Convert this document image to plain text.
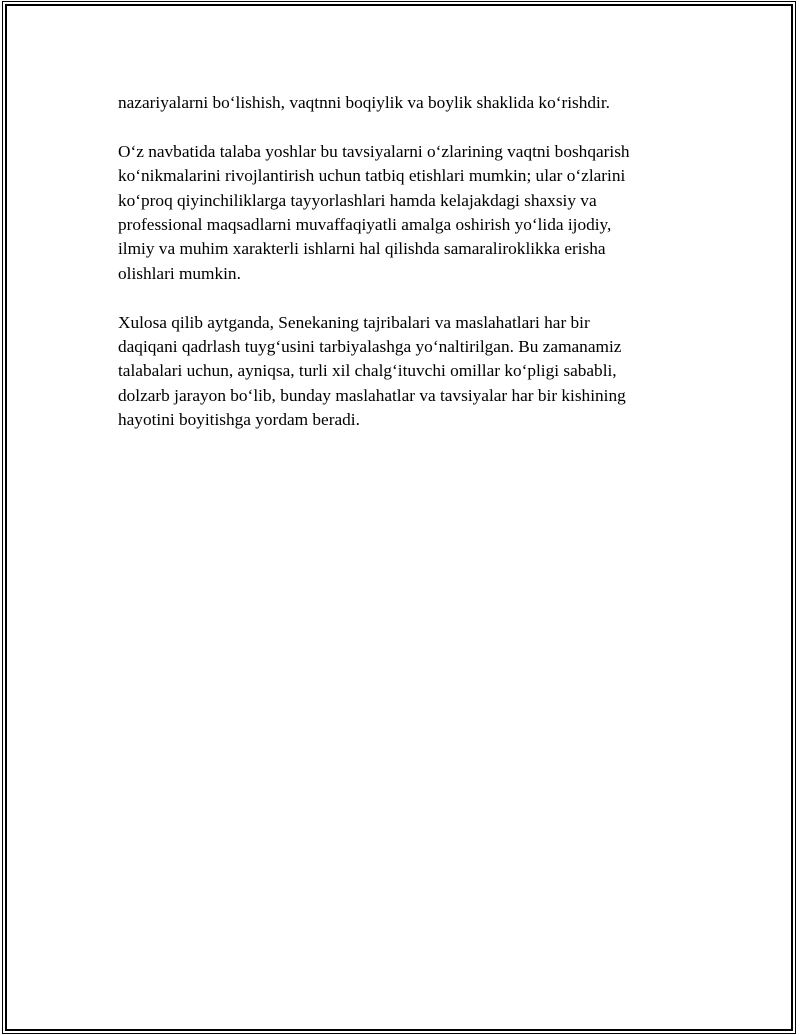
nazariyalarni bo‘lishish, vaqtnni boqiylik va boylik shaklida ko‘rishdir.

O‘z navbatida talaba yoshlar bu tavsiyalarni o‘zlarining vaqtni boshqarish
ko‘nikmalarini rivojlantirish uchun tatbiq etishlari mumkin; ular o‘zlarini
ko‘proq qiyinchiliklarga tayyorlashlari hamda kelajakdagi shaxsiy va
professional maqsadlarni muvaffaqiyatli amalga oshirish yo‘lida ijodiy,
ilmiy va muhim xarakterli ishlarni hal qilishda samaraliroklikka erisha
olishlari mumkin.

Xulosa qilib aytganda, Senekaning tajribalari va maslahatlari har bir
daqiqani qadrlash tuyg‘usini tarbiyalashga yo‘naltirilgan. Bu zamanamiz
talabalari uchun, ayniqsa, turli xil chalg‘ituvchi omillar ko‘pligi sababli,
dolzarb jarayon bo‘lib, bunday maslahatlar va tavsiyalar har bir kishining
hayotini boyitishga yordam beradi.
